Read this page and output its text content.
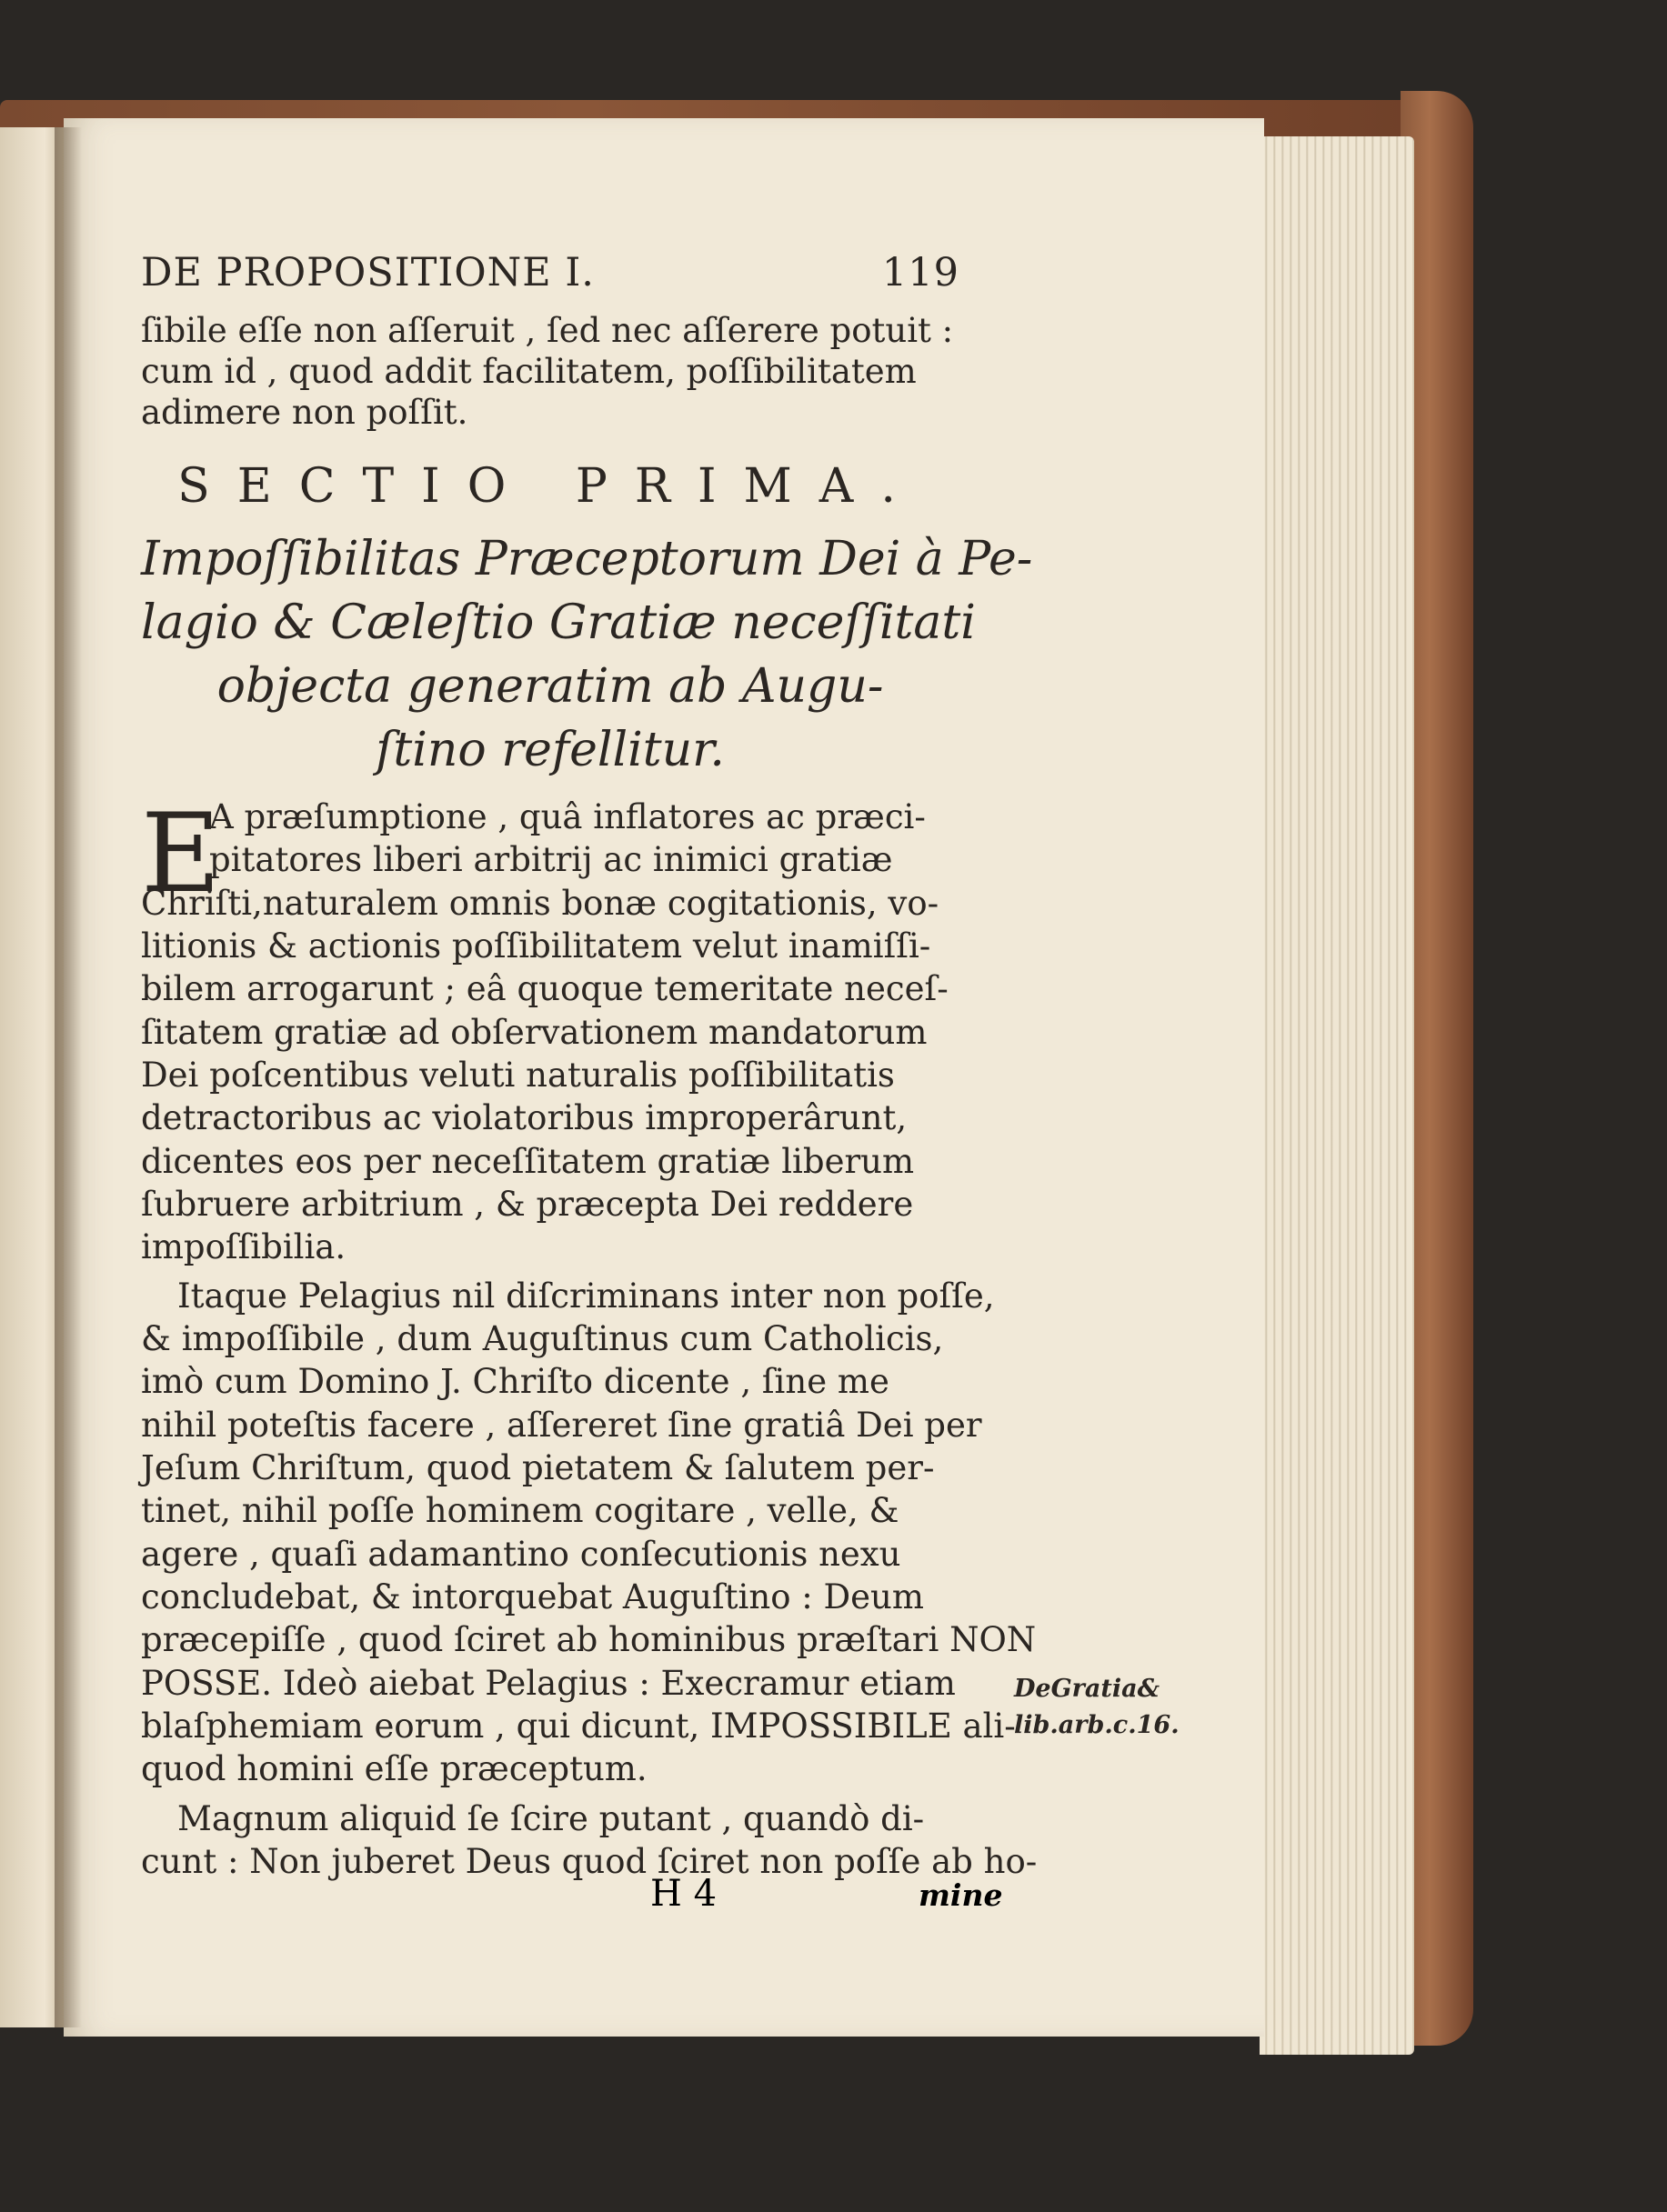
DE PROPOSITIONE I.	119
ſibile eſſe non aſſeruit , ſed nec aſſerere potuit :
cum id , quod addit facilitatem, poſſibilitatem
adimere non poſſit.
SECTIO PRIMA.
Impoſſibilitas Præceptorum Dei à Pe-
lagio & Cæleſtio Gratiæ neceſſitati
objecta generatim ab Augu-
ſtino refellitur.
E
A præſumptione , quâ inflatores ac præci-
pitatores liberi arbitrij ac inimici gratiæ
Chriſti,naturalem omnis bonæ cogitationis, vo-
litionis & actionis poſſibilitatem velut inamiſſi-
bilem arrogarunt ; eâ quoque temeritate neceſ-
ſitatem gratiæ ad obſervationem mandatorum
Dei poſcentibus veluti naturalis poſſibilitatis
detractoribus ac violatoribus improperârunt,
dicentes eos per neceſſitatem gratiæ liberum
ſubruere arbitrium , & præcepta Dei reddere
impoſſibilia.
Itaque Pelagius nil diſcriminans inter non poſſe,
& impoſſibile , dum Auguſtinus cum Catholicis,
imò cum Domino J. Chriſto dicente , ſine me
nihil poteſtis facere , aſſereret ſine gratiâ Dei per
Jeſum Chriſtum, quod pietatem & ſalutem per-
tinet, nihil poſſe hominem cogitare , velle, &
agere , quaſi adamantino conſecutionis nexu
concludebat, & intorquebat Auguſtino : Deum
præcepiſſe , quod ſciret ab hominibus præſtari NON
POSSE. Ideò aiebat Pelagius : Execramur etiam
blaſphemiam eorum , qui dicunt, IMPOSSIBILE ali-
quod homini eſſe præceptum.
Magnum aliquid ſe ſcire putant , quandò di-
cunt : Non juberet Deus quod ſciret non poſſe ab ho-
DeGratia&
lib.arb.c.16.
H 4	mine
